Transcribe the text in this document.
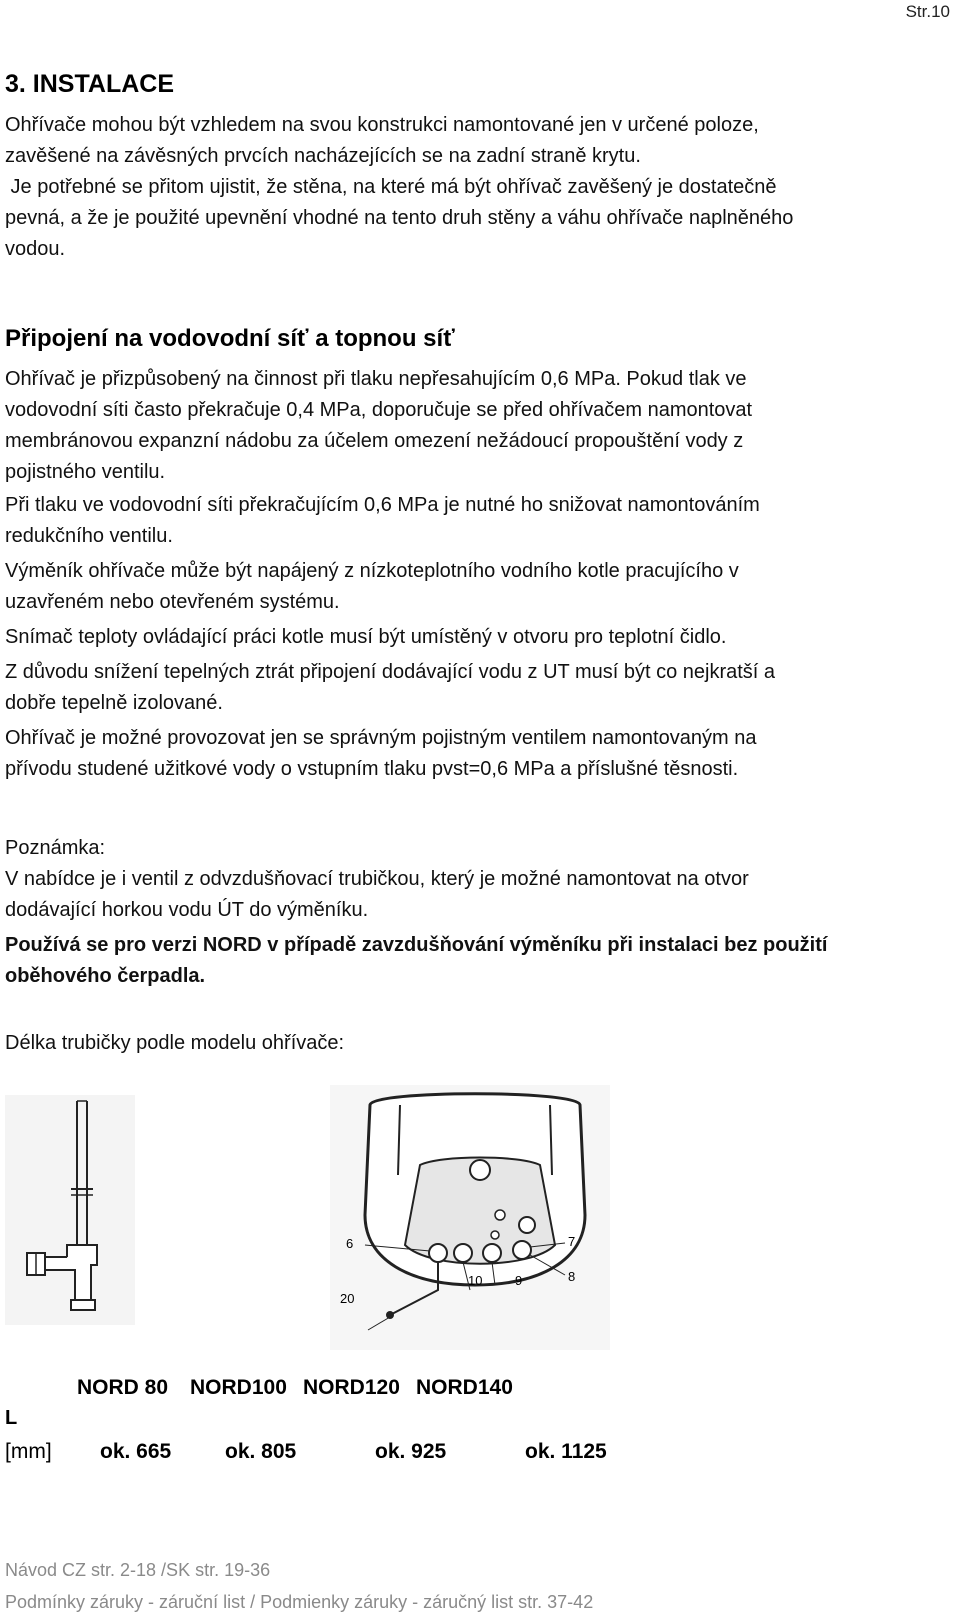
Str.10
3. INSTALACE
Ohřívače mohou být vzhledem na svou konstrukci namontované jen v určené poloze,
zavěšené na závěsných prvcích nacházejících se na zadní straně krytu.
Je potřebné se přitom ujistit, že stěna, na které má být ohřívač zavěšený je dostatečně
pevná, a že je použité upevnění vhodné na tento druh stěny a váhu ohřívače naplněného
vodou.
Připojení na vodovodní síť a topnou síť
Ohřívač je přizpůsobený na činnost při tlaku nepřesahujícím 0,6 MPa. Pokud tlak ve
vodovodní síti často překračuje 0,4 MPa, doporučuje se před ohřívačem namontovat
membránovou expanzní nádobu za účelem omezení nežádoucí propouštění vody z
pojistného ventilu.
Při tlaku ve vodovodní síti překračujícím 0,6 MPa je nutné ho snižovat namontováním
redukčního ventilu.
Výměník ohřívače může být napájený z nízkoteplotního vodního kotle pracujícího v
uzavřeném nebo otevřeném systému.
Snímač teploty ovládající práci kotle musí být umístěný v otvoru pro teplotní čidlo.
Z důvodu snížení tepelných ztrát připojení dodávající vodu z UT musí být co nejkratší a
dobře tepelně izolované.
Ohřívač je možné provozovat jen se správným pojistným ventilem namontovaným na
přívodu studené užitkové vody o vstupním tlaku pvst=0,6 MPa a příslušné těsnosti.
Poznámka:
V nabídce je i ventil z odvzdušňovací trubičkou, který je možné namontovat na otvor
dodávající horkou vodu ÚT do výměníku.
Používá se pro verzi NORD v případě zavzdušňování výměníku při instalaci bez použití
oběhového čerpadla.
Délka trubičky podle modelu ohřívače:
6	7
8
9
10
20
NORD 80 NORD100 NORD120 NORD140
L
[mm] ok. 665	ok. 805	ok. 925	ok. 1125
Návod CZ str. 2-18 /SK str. 19-36
Podmínky záruky - záruční list / Podmienky záruky - záručný list str. 37-42
